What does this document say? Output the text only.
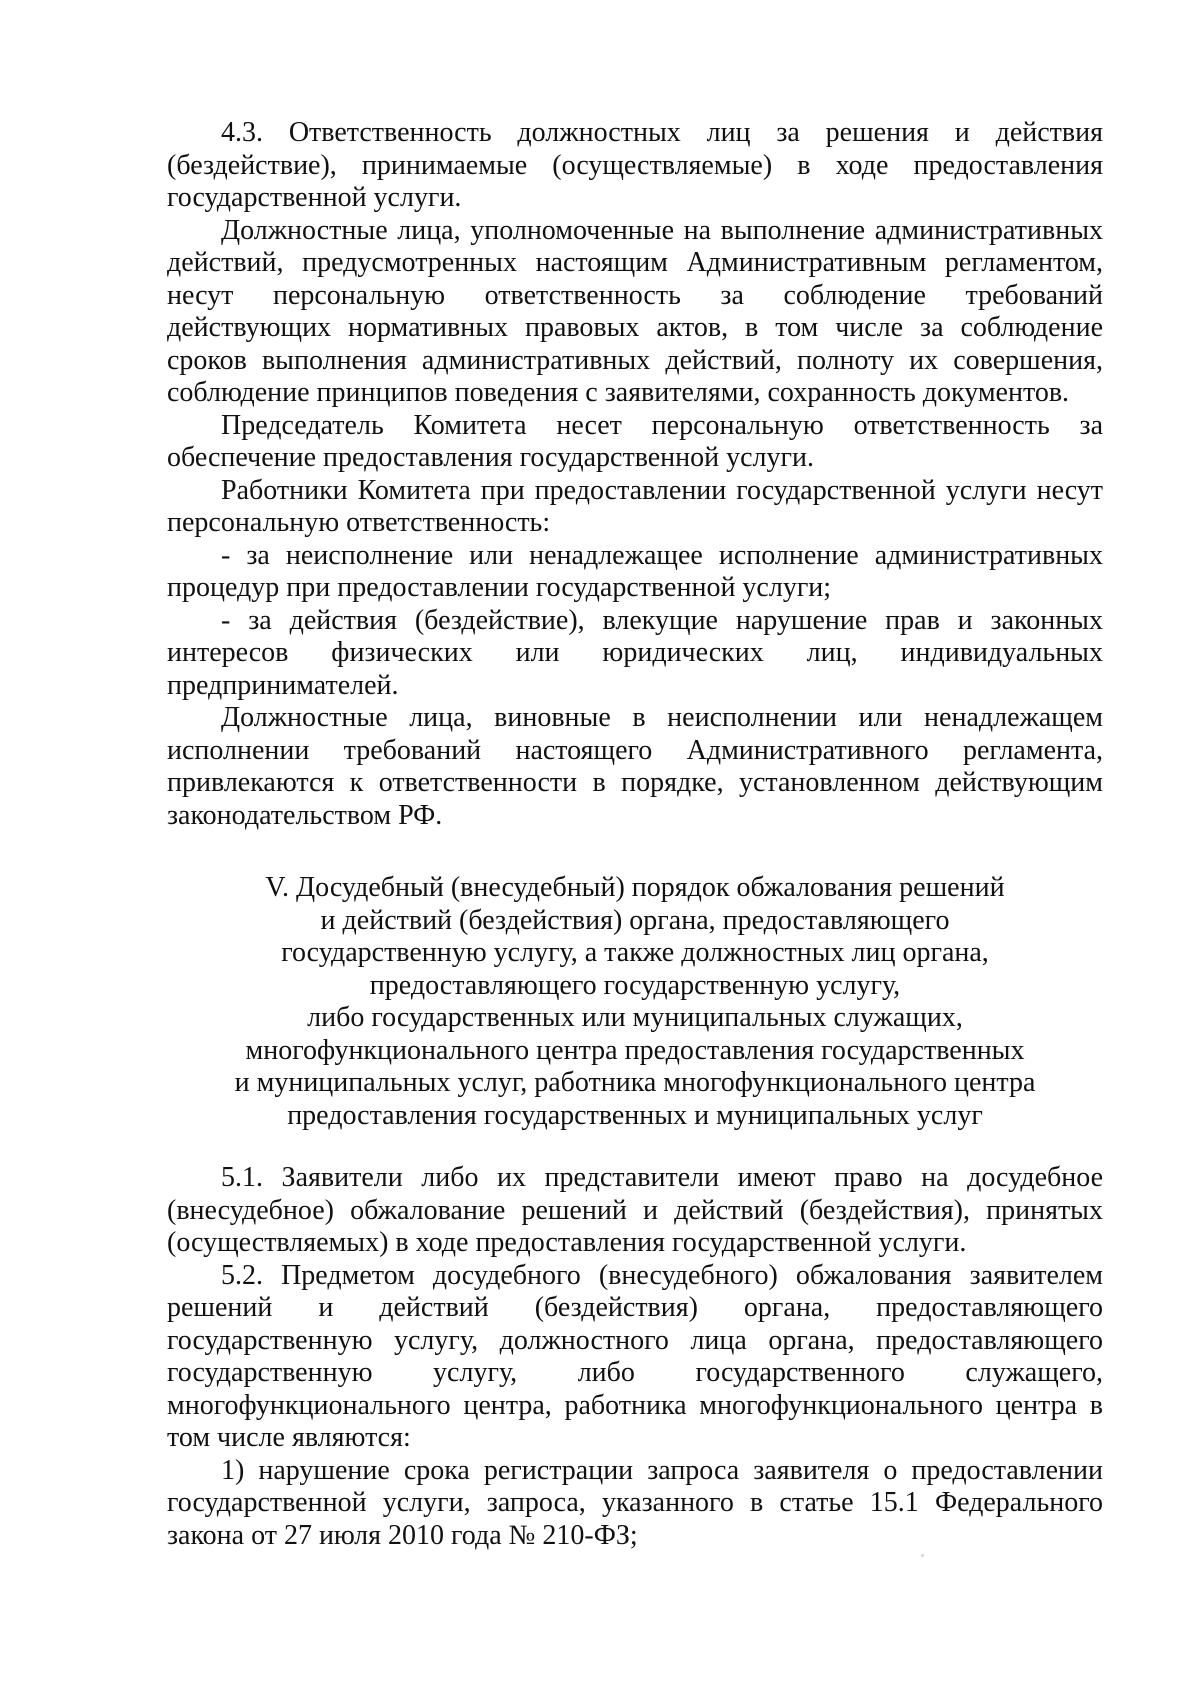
4.3. Ответственность должностных лиц за решения и действия (бездействие), принимаемые (осуществляемые) в ходе предоставления государственной услуги.

Должностные лица, уполномоченные на выполнение административных действий, предусмотренных настоящим Административным регламентом, несут персональную ответственность за соблюдение требований действующих нормативных правовых актов, в том числе за соблюдение сроков выполнения административных действий, полноту их совершения, соблюдение принципов поведения с заявителями, сохранность документов.

Председатель Комитета несет персональную ответственность за обеспечение предоставления государственной услуги.

Работники Комитета при предоставлении государственной услуги несут персональную ответственность:

- за неисполнение или ненадлежащее исполнение административных процедур при предоставлении государственной услуги;

- за действия (бездействие), влекущие нарушение прав и законных интересов физических или юридических лиц, индивидуальных предпринимателей.

Должностные лица, виновные в неисполнении или ненадлежащем исполнении требований настоящего Административного регламента, привлекаются к ответственности в порядке, установленном действующим законодательством РФ.

V. Досудебный (внесудебный) порядок обжалования решений
и действий (бездействия) органа, предоставляющего
государственную услугу, а также должностных лиц органа,
предоставляющего государственную услугу,
либо государственных или муниципальных служащих,
многофункционального центра предоставления государственных
и муниципальных услуг, работника многофункционального центра
предоставления государственных и муниципальных услуг

5.1. Заявители либо их представители имеют право на досудебное (внесудебное) обжалование решений и действий (бездействия), принятых (осуществляемых) в ходе предоставления государственной услуги.

5.2. Предметом досудебного (внесудебного) обжалования заявителем решений и действий (бездействия) органа, предоставляющего государственную услугу, должностного лица органа, предоставляющего государственную услугу, либо государственного служащего, многофункционального центра, работника многофункционального центра в том числе являются:

1) нарушение срока регистрации запроса заявителя о предоставлении государственной услуги, запроса, указанного в статье 15.1 Федерального закона от 27 июля 2010 года № 210-ФЗ;
